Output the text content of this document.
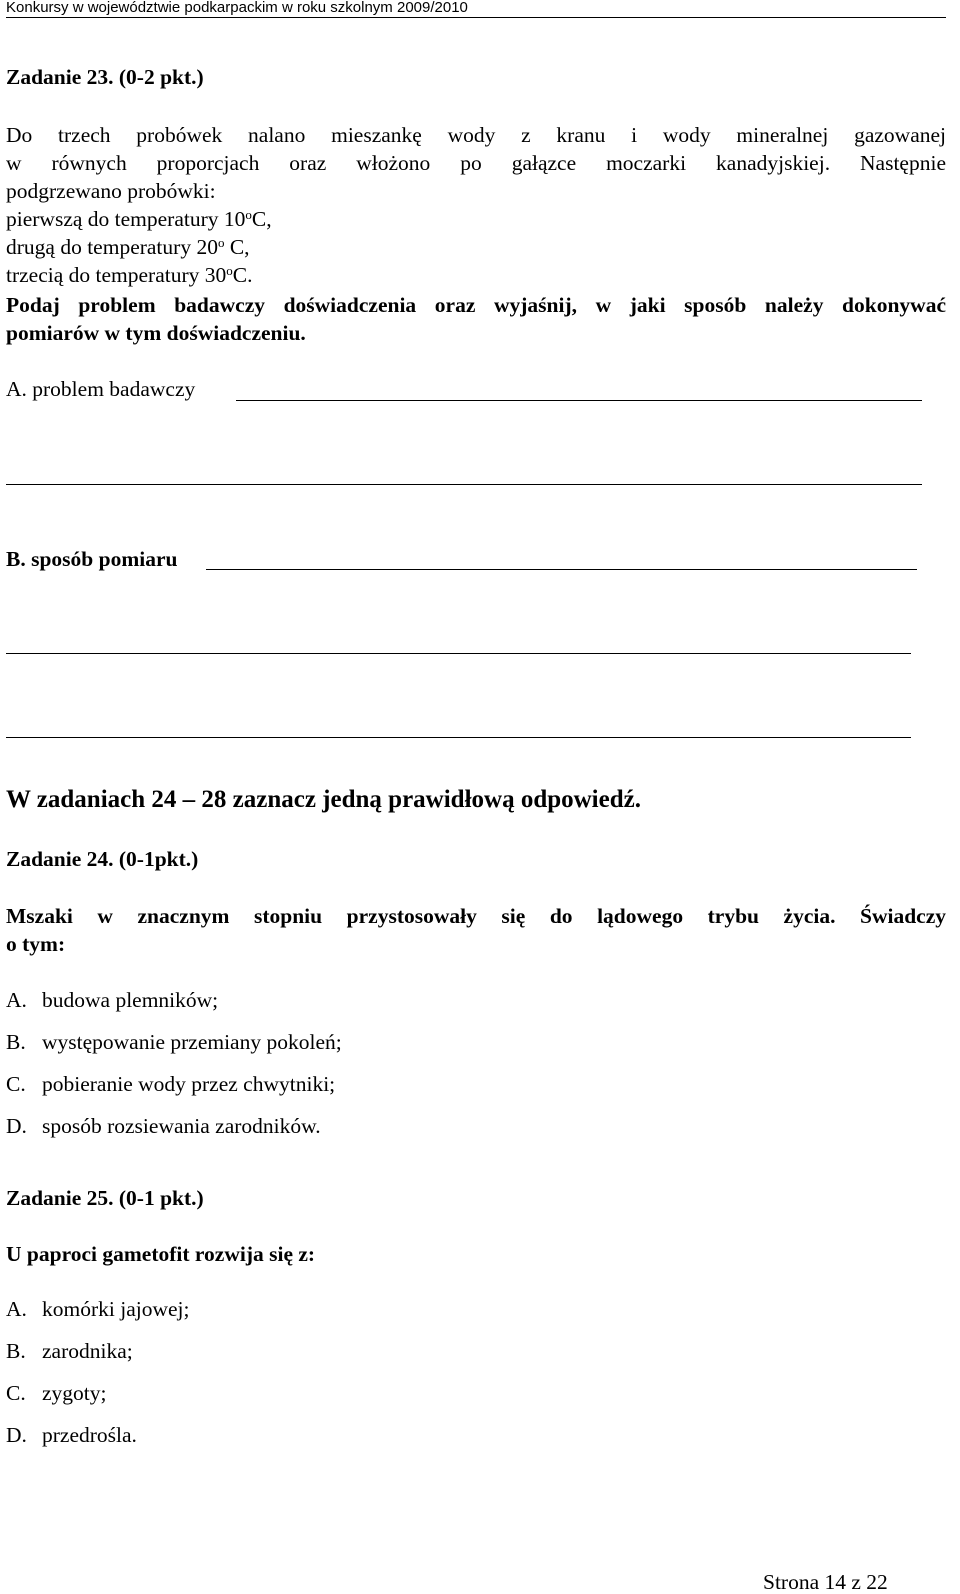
Konkursy w województwie podkarpackim w roku szkolnym 2009/2010
Zadanie 23. (0-2 pkt.)
Do trzech probówek nalano mieszankę wody z kranu i wody mineralnej gazowanej
w równych proporcjach oraz włożono po gałązce moczarki kanadyjskiej. Następnie
podgrzewano probówki:
pierwszą do temperatury 10$^o$C,
drugą do temperatury 20$^o$ C,
trzecią do temperatury 30$^o$C.
Podaj problem badawczy doświadczenia oraz wyjaśnij, w jaki sposób należy dokonywać
pomiarów w tym doświadczeniu.
A. problem badawczy
B. sposób pomiaru
W zadaniach 24 – 28 zaznacz jedną prawidłową odpowiedź.
Zadanie 24. (0-1pkt.)
Mszaki w znacznym stopniu przystosowały się do lądowego trybu życia. Świadczy
o tym:
A. budowa plemników;
B. występowanie przemiany pokoleń;
C. pobieranie wody przez chwytniki;
D. sposób rozsiewania zarodników.
Zadanie 25. (0-1 pkt.)
U paproci gametofit rozwija się z:
A. komórki jajowej;
B. zarodnika;
C. zygoty;
D. przedrośla.
Strona 14 z 22
